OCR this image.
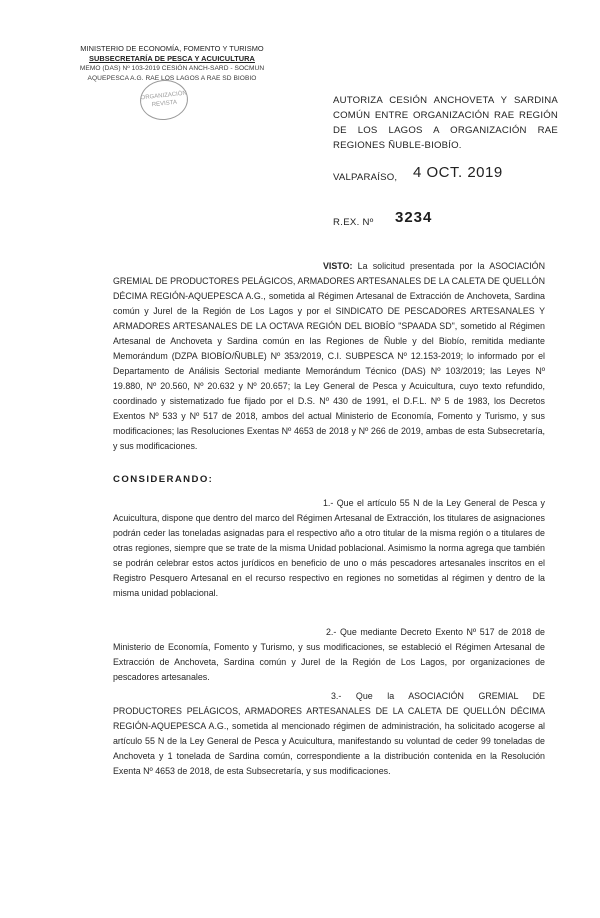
MINISTERIO DE ECONOMÍA, FOMENTO Y TURISMO
SUBSECRETARÍA DE PESCA Y ACUICULTURA
MEMO (DAS) Nº 103-2019 CESIÓN ANCH-SARD - SOCMUN
AQUEPESCA A.G. RAE LOS LAGOS A RAE SD BIOBIO
ORGANIZACIÓN
REVISTA	AUTORIZA CESIÓN ANCHOVETA Y SARDINA COMÚN ENTRE ORGANIZACIÓN RAE REGIÓN DE LOS LAGOS A ORGANIZACIÓN RAE REGIONES ÑUBLE-BIOBÍO.
VALPARAÍSO, 4 OCT. 2019
R.EX. Nº 3234
VISTO: La solicitud presentada por la ASOCIACIÓN GREMIAL DE PRODUCTORES PELÁGICOS, ARMADORES ARTESANALES DE LA CALETA DE QUELLÓN DÉCIMA REGIÓN-AQUEPESCA A.G., sometida al Régimen Artesanal de Extracción de Anchoveta, Sardina común y Jurel de la Región de Los Lagos y por el SINDICATO DE PESCADORES ARTESANALES Y ARMADORES ARTESANALES DE LA OCTAVA REGIÓN DEL BIOBÍO "SPAADA SD", sometido al Régimen Artesanal de Anchoveta y Sardina común en las Regiones de Ñuble y del Biobío, remitida mediante Memorándum (DZPA BIOBÍO/ÑUBLE) Nº 353/2019, C.I. SUBPESCA Nº 12.153-2019; lo informado por el Departamento de Análisis Sectorial mediante Memorándum Técnico (DAS) Nº 103/2019; las Leyes Nº 19.880, Nº 20.560, Nº 20.632 y Nº 20.657; la Ley General de Pesca y Acuicultura, cuyo texto refundido, coordinado y sistematizado fue fijado por el D.S. Nº 430 de 1991, el D.F.L. Nº 5 de 1983, los Decretos Exentos Nº 533 y Nº 517 de 2018, ambos del actual Ministerio de Economía, Fomento y Turismo, y sus modificaciones; las Resoluciones Exentas Nº 4653 de 2018 y Nº 266 de 2019, ambas de esta Subsecretaría, y sus modificaciones.
CONSIDERANDO:
1.- Que el artículo 55 N de la Ley General de Pesca y Acuicultura, dispone que dentro del marco del Régimen Artesanal de Extracción, los titulares de asignaciones podrán ceder las toneladas asignadas para el respectivo año a otro titular de la misma región o a titulares de otras regiones, siempre que se trate de la misma Unidad poblacional. Asimismo la norma agrega que también se podrán celebrar estos actos jurídicos en beneficio de uno o más pescadores artesanales inscritos en el Registro Pesquero Artesanal en el recurso respectivo en regiones no sometidas al régimen y dentro de la misma unidad poblacional.
2.- Que mediante Decreto Exento Nº 517 de 2018 de Ministerio de Economía, Fomento y Turismo, y sus modificaciones, se estableció el Régimen Artesanal de Extracción de Anchoveta, Sardina común y Jurel de la Región de Los Lagos, por organizaciones de pescadores artesanales.
3.- Que la ASOCIACIÓN GREMIAL DE PRODUCTORES PELÁGICOS, ARMADORES ARTESANALES DE LA CALETA DE QUELLÓN DÉCIMA REGIÓN-AQUEPESCA A.G., sometida al mencionado régimen de administración, ha solicitado acogerse al artículo 55 N de la Ley General de Pesca y Acuicultura, manifestando su voluntad de ceder 99 toneladas de Anchoveta y 1 tonelada de Sardina común, correspondiente a la distribución contenida en la Resolución Exenta Nº 4653 de 2018, de esta Subsecretaría, y sus modificaciones.
